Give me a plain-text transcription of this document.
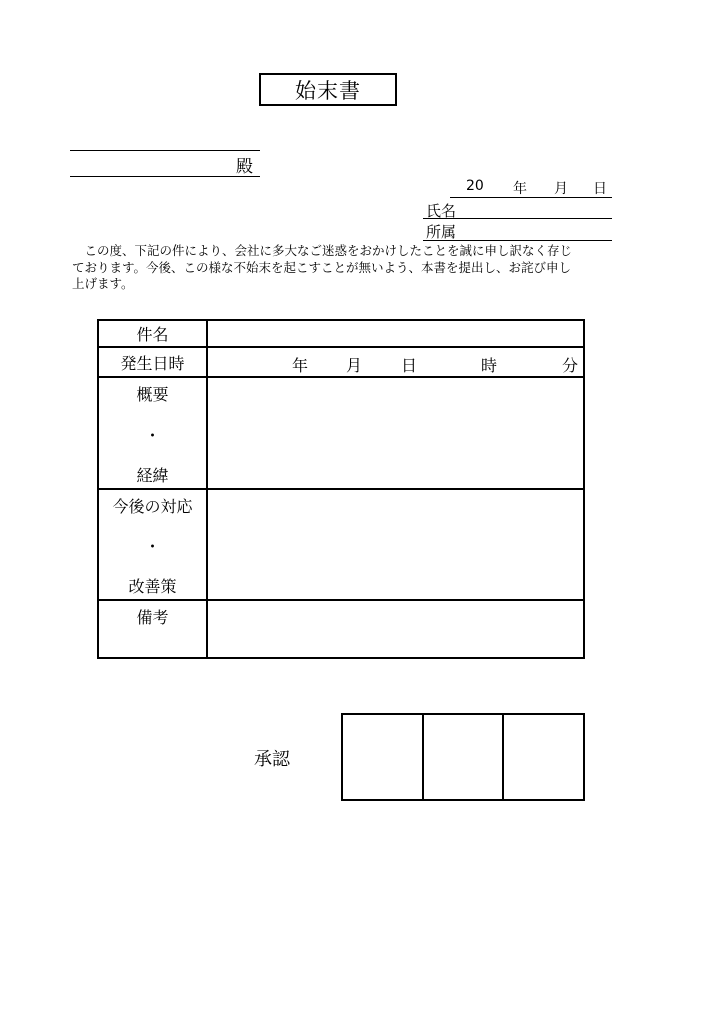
始末書
殿
20 年 月 日
氏名
所属
　この度、下記の件により、会社に多大なご迷惑をおかけしたことを誠に申し訳なく存じ
ております。今後、この様な不始末を起こすことが無いよう、本書を提出し、お詫び申し
上げます。
件名	
発生日時	年 月 日 時 分

概要
・
経緯	

今後の対応
・
改善策	

備考	
承認
